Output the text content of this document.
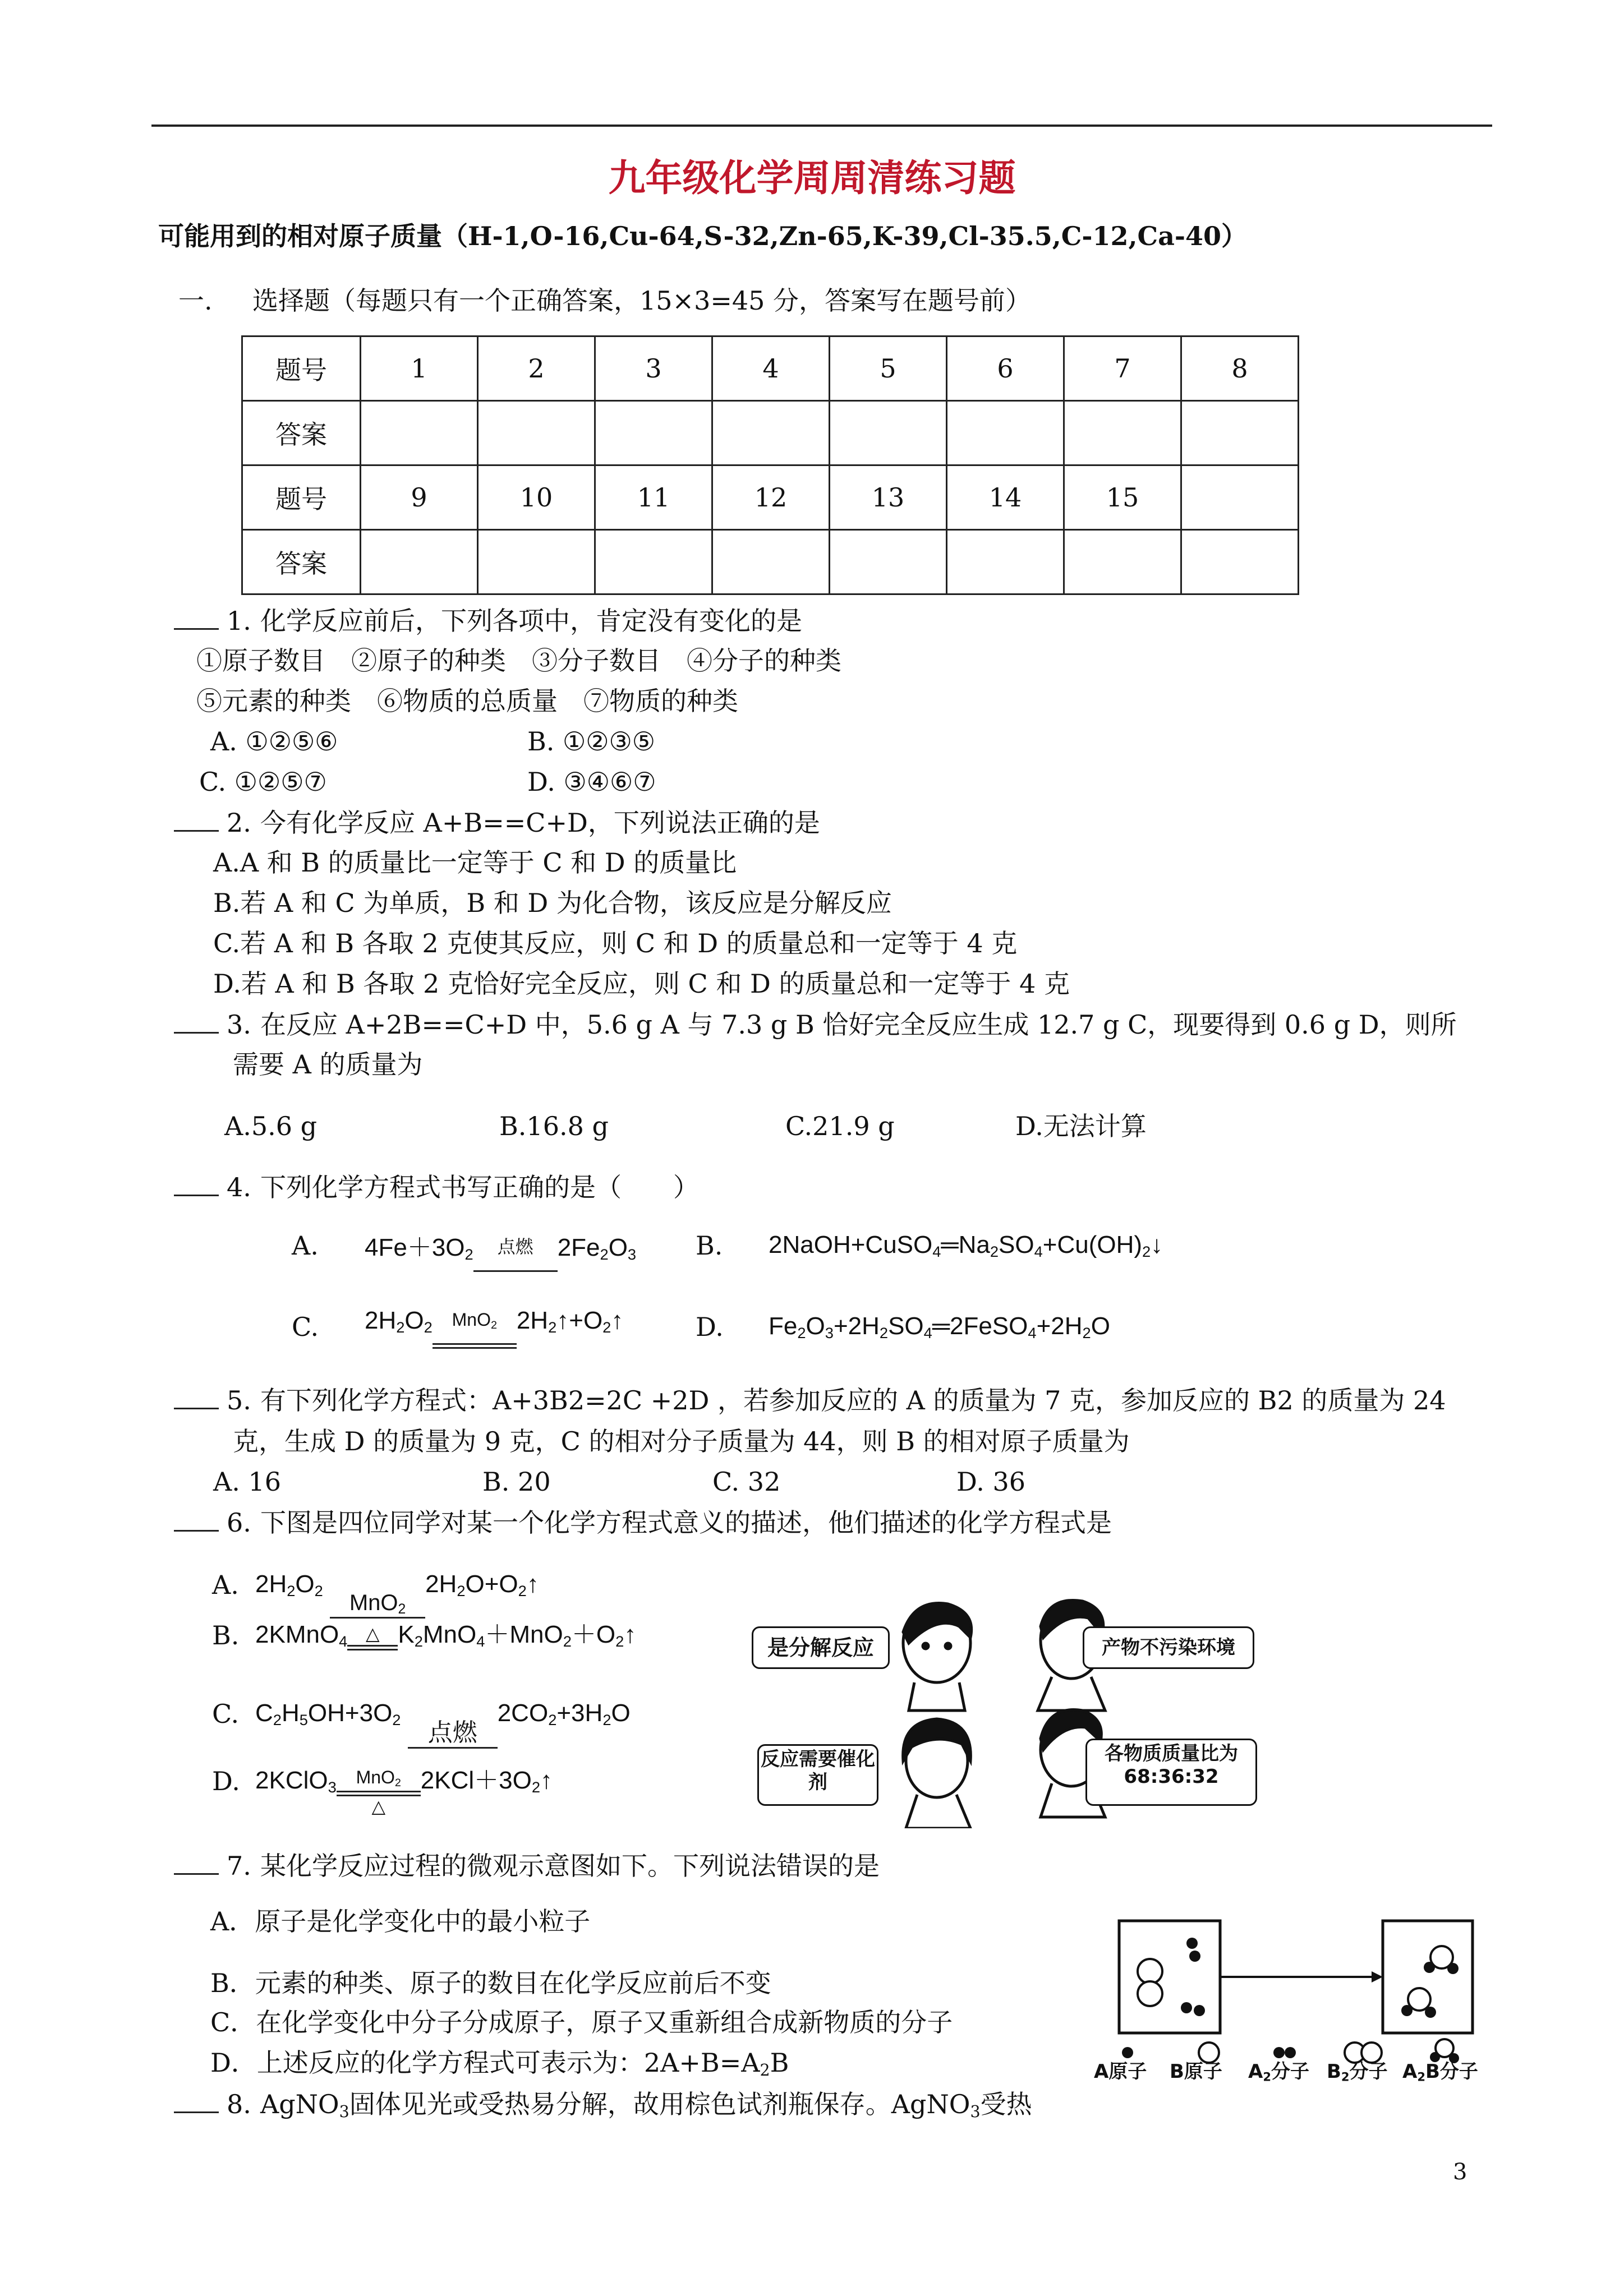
九年级化学周周清练习题
可能用到的相对原子质量（H-1,O-16,Cu-64,S-32,Zn-65,K-39,Cl-35.5,C-12,Ca-40）
一. 选择题（每题只有一个正确答案，15×3=45 分，答案写在题号前）
题号	1	2	3	4	5	6	7	8
答案								
题号	9	10	11	12	13	14	15	
答案								
1. 化学反应前后，下列各项中，肯定没有变化的是
①原子数目　②原子的种类　③分子数目　④分子的种类
⑤元素的种类　⑥物质的总质量　⑦物质的种类
A. ①②⑤⑥	B. ①②③⑤
C. ①②⑤⑦	D. ③④⑥⑦
2. 今有化学反应 A+B==C+D，下列说法正确的是
A.A 和 B 的质量比一定等于 C 和 D 的质量比
B.若 A 和 C 为单质，B 和 D 为化合物，该反应是分解反应
C.若 A 和 B 各取 2 克使其反应，则 C 和 D 的质量总和一定等于 4 克
D.若 A 和 B 各取 2 克恰好完全反应，则 C 和 D 的质量总和一定等于 4 克
3. 在反应 A+2B==C+D 中，5.6 g A 与 7.3 g B 恰好完全反应生成 12.7 g C，现要得到 0.6 g D，则所
需要 A 的质量为
A.5.6 g	B.16.8 g	C.21.9 g	D.无法计算
4. 下列化学方程式书写正确的是（　　）
A. $4Fe+3O_2$	点燃 $2Fe_2O_3$ B. $2NaOH+CuSO_4═Na_2SO_4+Cu(OH)_2↓$
C. $2H_2O_2$	MnO$_2$ $2H_2↑+O_2↑$	D. $Fe_2O_3+2H_2SO_4═2FeSO_4+2H_2O$
5. 有下列化学方程式：A+3B2=2C +2D ，若参加反应的 A 的质量为 7 克，参加反应的 B2 的质量为 24
克，生成 D 的质量为 9 克，C 的相对分子质量为 44，则 B 的相对原子质量为
A. 16	B. 20	C. 32	D. 36
6. 下图是四位同学对某一个化学方程式意义的描述，他们描述的化学方程式是
A. $2H_2O_2$	MnO$_2$
$2H_2O+O_2↑$
B. 2KMnO$_4$	△ $K_2MnO_4+MnO_2+O_2↑$
C. $C_2H_5OH+3O_2$	点燃
$2CO_2+3H_2O$
D. 2KClO$_3$	MnO$_2$
△
$2KCl+3O_2↑$
是分解反应	产物不污染环境
反应需要催化剂
各物质质量比为
68:36:32
7. 某化学反应过程的微观示意图如下。下列说法错误的是
A．原子是化学变化中的最小粒子
B．元素的种类、原子的数目在化学反应前后不变
C．在化学变化中分子分成原子，原子又重新组合成新物质的分子
D．上述反应的化学方程式可表示为：$2A+B=A_2B$	A原子 B原子 $A_2$分子 $B_2$分子 $A_2B$分子
8. AgNO$_3$固体见光或受热易分解，故用棕色试剂瓶保存。AgNO$_3$受热
3
